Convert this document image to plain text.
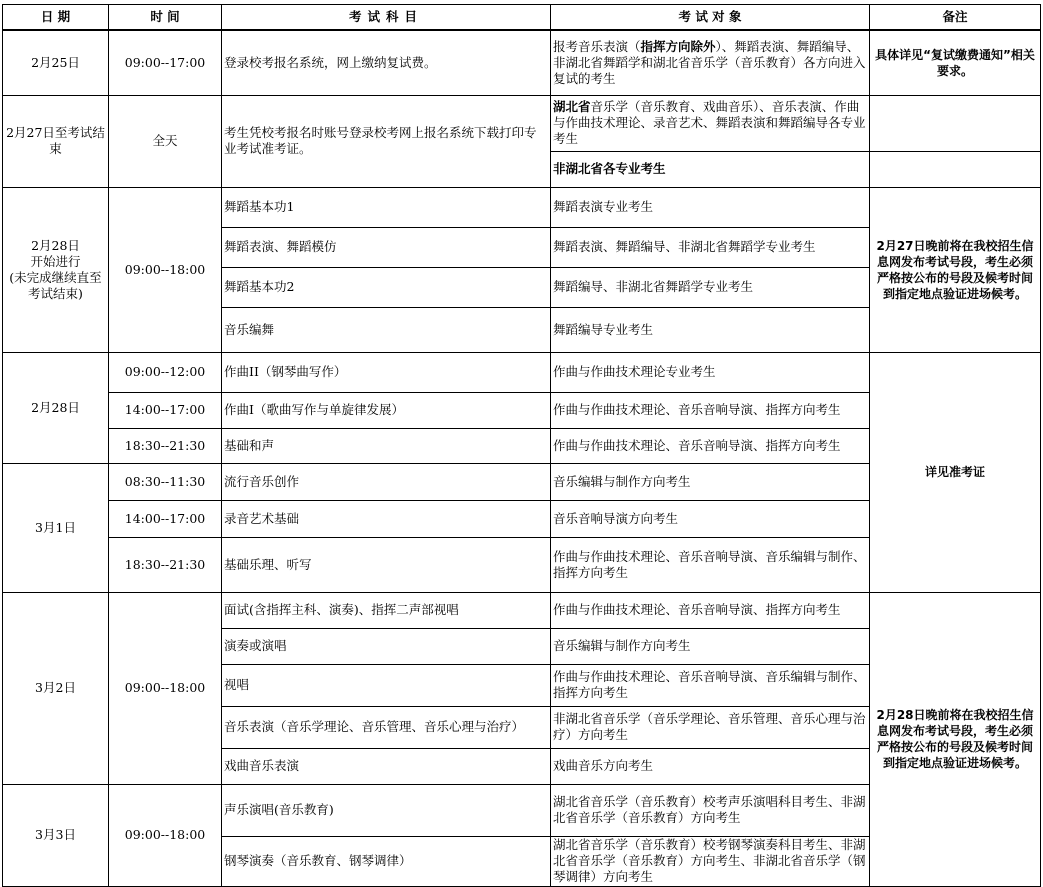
日 期	时 间	考试科目	考 试 对 象	备注
2月25日	09:00--17:00	登录校考报名系统，网上缴纳复试费。	报考音乐表演（指挥方向除外）、舞蹈表演、舞蹈编导、非湖北省舞蹈学和湖北省音乐学（音乐教育）各方向进入复试的考生	具体详见“复试缴费通知”相关要求。
2月27日至考试结束	全天	考生凭校考报名时账号登录校考网上报名系统下载打印专业考试准考证。	湖北省音乐学（音乐教育、戏曲音乐）、音乐表演、作曲与作曲技术理论、录音艺术、舞蹈表演和舞蹈编导各专业考生	
			非湖北省各专业考生	
2月28日
开始进行
(未完成继续直至考试结束)	09:00--18:00	舞蹈基本功1	舞蹈表演专业考生	2月27日晚前将在我校招生信息网发布考试号段，考生必须严格按公布的号段及候考时间到指定地点验证进场候考。
		舞蹈表演、舞蹈模仿	舞蹈表演、舞蹈编导、非湖北省舞蹈学专业考生	
		舞蹈基本功2	舞蹈编导、非湖北省舞蹈学专业考生	
		音乐编舞	舞蹈编导专业考生	
2月28日	09:00--12:00	作曲II（钢琴曲写作）	作曲与作曲技术理论专业考生	详见准考证
	14:00--17:00	作曲I（歌曲写作与单旋律发展）	作曲与作曲技术理论、音乐音响导演、指挥方向考生	
	18:30--21:30	基础和声	作曲与作曲技术理论、音乐音响导演、指挥方向考生	
3月1日	08:30--11:30	流行音乐创作	音乐编辑与制作方向考生	
	14:00--17:00	录音艺术基础	音乐音响导演方向考生	
	18:30--21:30	基础乐理、听写	作曲与作曲技术理论、音乐音响导演、音乐编辑与制作、指挥方向考生	
3月2日	09:00--18:00	面试(含指挥主科、演奏)、指挥二声部视唱	作曲与作曲技术理论、音乐音响导演、指挥方向考生	2月28日晚前将在我校招生信息网发布考试号段，考生必须严格按公布的号段及候考时间到指定地点验证进场候考。
		演奏或演唱	音乐编辑与制作方向考生	
		视唱	作曲与作曲技术理论、音乐音响导演、音乐编辑与制作、指挥方向考生	
		音乐表演（音乐学理论、音乐管理、音乐心理与治疗）	非湖北省音乐学（音乐学理论、音乐管理、音乐心理与治疗）方向考生	
		戏曲音乐表演	戏曲音乐方向考生	
3月3日	09:00--18:00	声乐演唱(音乐教育)	湖北省音乐学（音乐教育）校考声乐演唱科目考生、非湖北省音乐学（音乐教育）方向考生	
		钢琴演奏（音乐教育、钢琴调律）	湖北省音乐学（音乐教育）校考钢琴演奏科目考生、非湖北省音乐学（音乐教育）方向考生、非湖北省音乐学（钢琴调律）方向考生	
